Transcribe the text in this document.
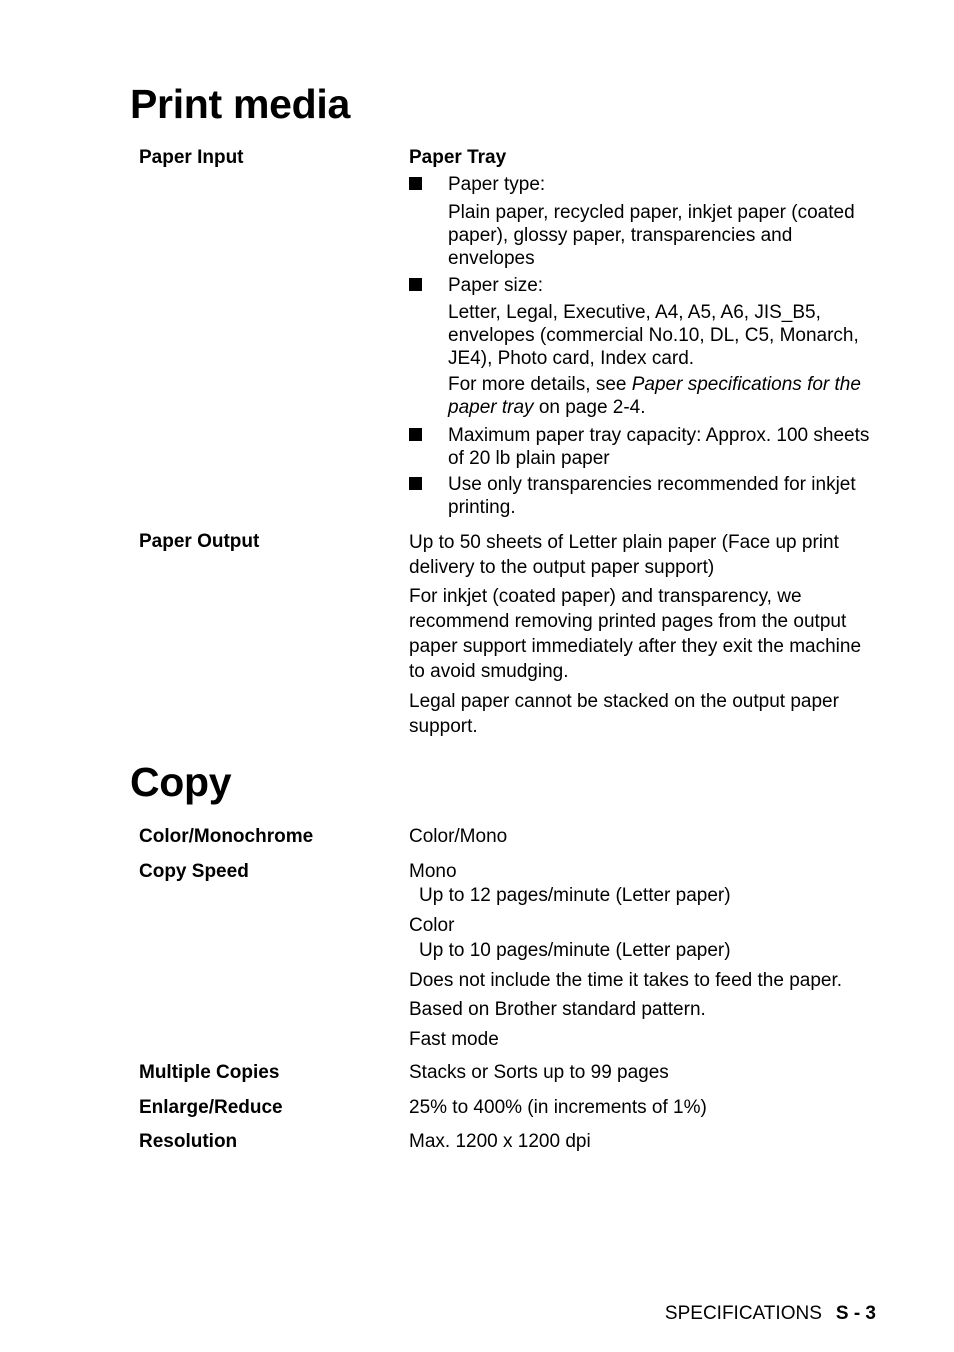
Print media
Paper Input	Paper Tray
Paper type:
Plain paper, recycled paper, inkjet paper (coated paper), glossy paper, transparencies and envelopes
Paper size:
Letter, Legal, Executive, A4, A5, A6, JIS_B5, envelopes (commercial No.10, DL, C5, Monarch, JE4), Photo card, Index card.
For more details, see Paper specifications for the paper tray on page 2-4.
Maximum paper tray capacity: Approx. 100 sheets of 20 lb plain paper
Use only transparencies recommended for inkjet printing.
Paper Output	Up to 50 sheets of Letter plain paper (Face up print delivery to the output paper support)
For inkjet (coated paper) and transparency, we recommend removing printed pages from the output paper support immediately after they exit the machine to avoid smudging.
Legal paper cannot be stacked on the output paper support.
Copy
Color/Monochrome	Color/Mono
Copy Speed	Mono
Up to 12 pages/minute (Letter paper)
Color
Up to 10 pages/minute (Letter paper)
Does not include the time it takes to feed the paper.
Based on Brother standard pattern.
Fast mode
Multiple Copies	Stacks or Sorts up to 99 pages
Enlarge/Reduce	25% to 400% (in increments of 1%)
Resolution	Max. 1200 x 1200 dpi
SPECIFICATIONS S - 3
